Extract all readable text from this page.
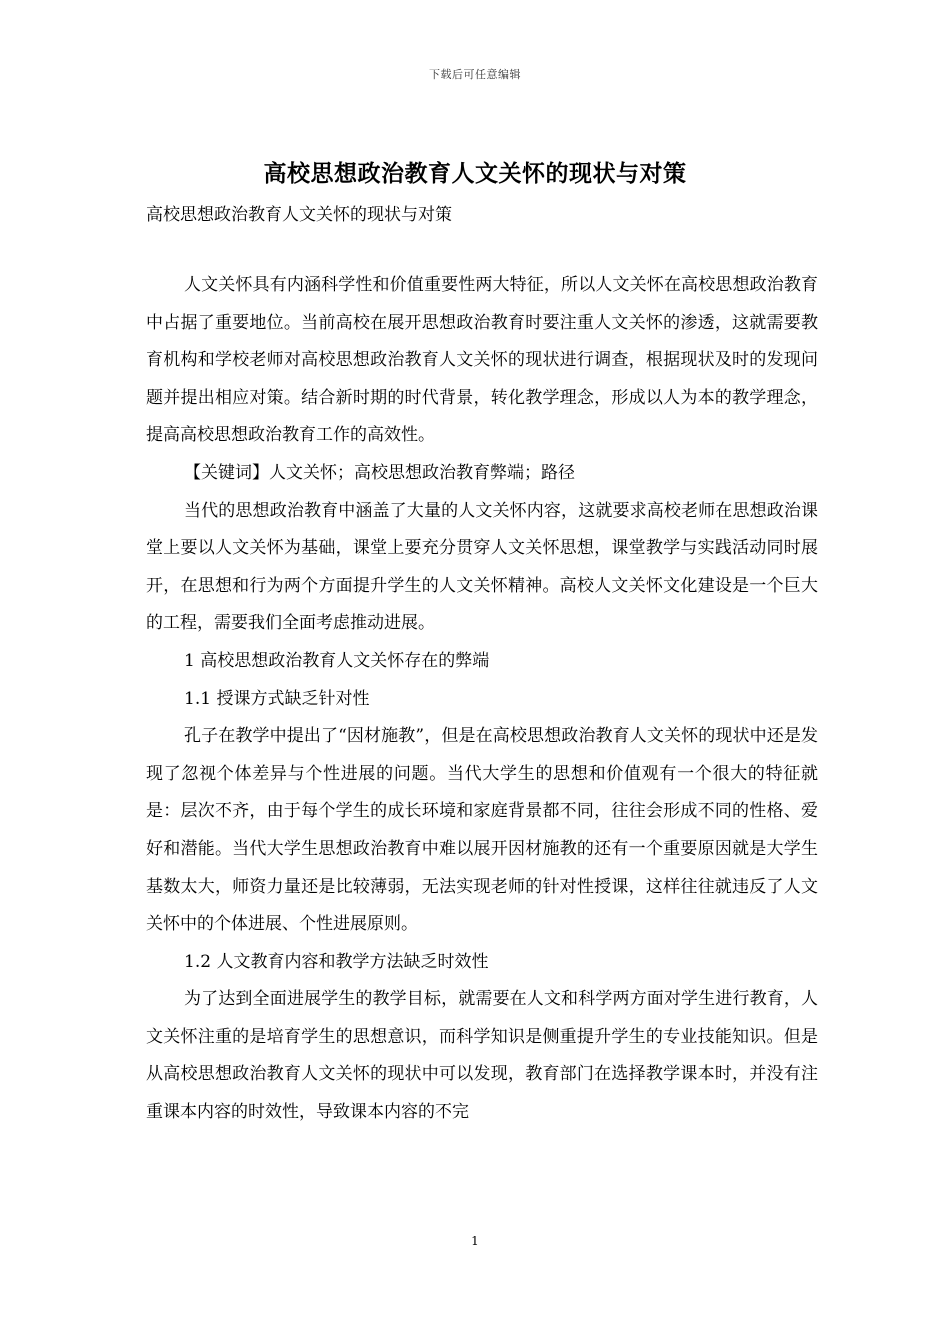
下载后可任意编辑
高校思想政治教育人文关怀的现状与对策
高校思想政治教育人文关怀的现状与对策

人文关怀具有内涵科学性和价值重要性两大特征，所以人文关怀在高校思想政治教育中占据了重要地位。当前高校在展开思想政治教育时要注重人文关怀的渗透，这就需要教育机构和学校老师对高校思想政治教育人文关怀的现状进行调查，根据现状及时的发现问题并提出相应对策。结合新时期的时代背景，转化教学理念，形成以人为本的教学理念，提高高校思想政治教育工作的高效性。

【关键词】人文关怀；高校思想政治教育弊端；路径

当代的思想政治教育中涵盖了大量的人文关怀内容，这就要求高校老师在思想政治课堂上要以人文关怀为基础，课堂上要充分贯穿人文关怀思想，课堂教学与实践活动同时展开，在思想和行为两个方面提升学生的人文关怀精神。高校人文关怀文化建设是一个巨大的工程，需要我们全面考虑推动进展。

1 高校思想政治教育人文关怀存在的弊端

1.1 授课方式缺乏针对性

孔子在教学中提出了“因材施教”，但是在高校思想政治教育人文关怀的现状中还是发现了忽视个体差异与个性进展的问题。当代大学生的思想和价值观有一个很大的特征就是：层次不齐，由于每个学生的成长环境和家庭背景都不同，往往会形成不同的性格、爱好和潜能。当代大学生思想政治教育中难以展开因材施教的还有一个重要原因就是大学生基数太大，师资力量还是比较薄弱，无法实现老师的针对性授课，这样往往就违反了人文关怀中的个体进展、个性进展原则。

1.2 人文教育内容和教学方法缺乏时效性

为了达到全面进展学生的教学目标，就需要在人文和科学两方面对学生进行教育，人文关怀注重的是培育学生的思想意识，而科学知识是侧重提升学生的专业技能知识。但是从高校思想政治教育人文关怀的现状中可以发现，教育部门在选择教学课本时，并没有注重课本内容的时效性，导致课本内容的不完

1
